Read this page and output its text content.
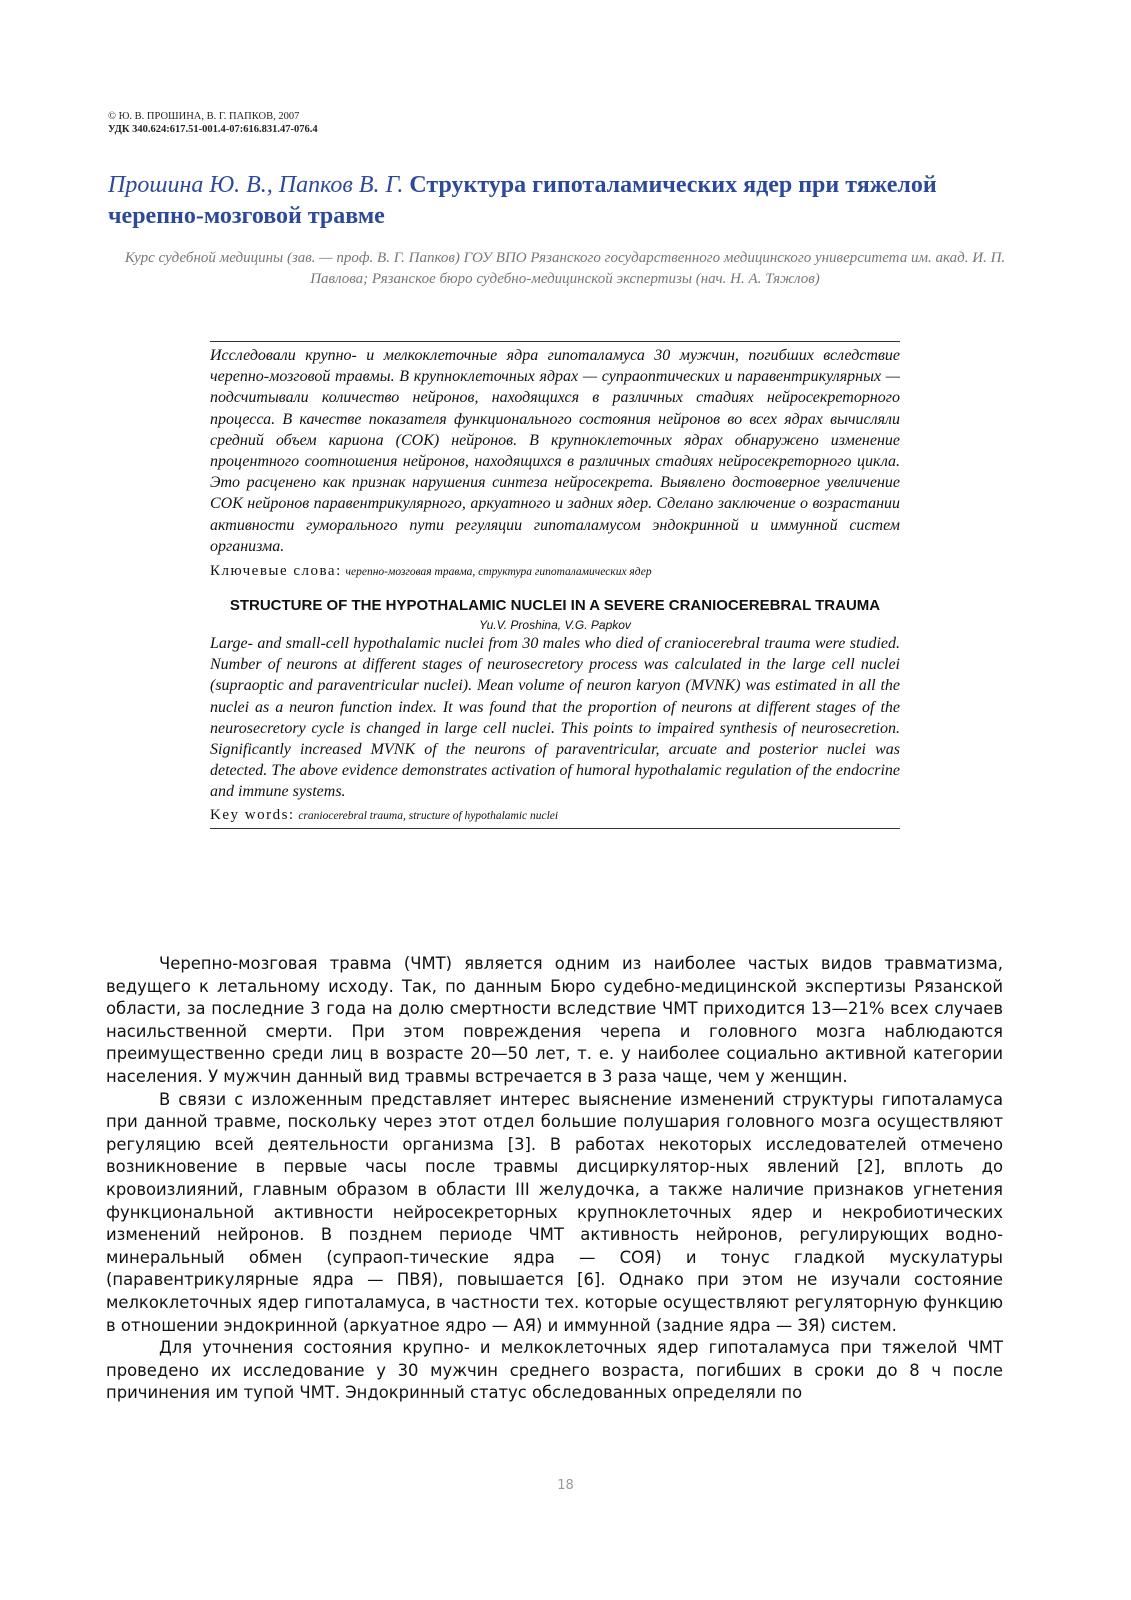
© Ю. В. ПРОШИНА, В. Г. ПАПКОВ, 2007
УДК 340.624:617.51-001.4-07:616.831.47-076.4
Прошина Ю. В., Папков В. Г. Структура гипоталамических ядер при тяжелой черепно-мозговой травме
Курс судебной медицины (зав. — проф. В. Г. Папков) ГОУ ВПО Рязанского государственного медицинского университета им. акад. И. П. Павлова; Рязанское бюро судебно-медицинской экспертизы (нач. Н. А. Тяжлов)

Исследовали крупно- и мелкоклеточные ядра гипоталамуса 30 мужчин, погибших вследствие черепно-мозговой травмы. В крупноклеточных ядрах — супраоптических и паравентрикулярных — подсчитывали количество нейронов, находящихся в различных стадиях нейросекреторного процесса. В качестве показателя функционального состояния нейронов во всех ядрах вычисляли средний объем кариона (СОК) нейронов. В крупноклеточных ядрах обнаружено изменение процентного соотношения нейронов, находящихся в различных стадиях нейросекреторного цикла. Это расценено как признак нарушения синтеза нейросекрета. Выявлено достоверное увеличение СОК нейронов паравентрикулярного, аркуатного и задних ядер. Сделано заключение о возрастании активности гуморального пути регуляции гипоталамусом эндокринной и иммунной систем организма.

Ключевые слова: черепно-мозговая травма, структура гипоталамических ядер
STRUCTURE OF THE HYPOTHALAMIC NUCLEI IN A SEVERE CRANIOCEREBRAL TRAUMA
Yu.V. Proshina, V.G. Papkov

Large- and small-cell hypothalamic nuclei from 30 males who died of craniocerebral trauma were studied. Number of neurons at different stages of neurosecretory process was calculated in the large cell nuclei (supraoptic and paraventricular nuclei). Mean volume of neuron karyon (MVNK) was estimated in all the nuclei as a neuron function index. It was found that the proportion of neurons at different stages of the neurosecretory cycle is changed in large cell nuclei. This points to impaired synthesis of neurosecretion. Significantly increased MVNK of the neurons of paraventricular, arcuate and posterior nuclei was detected. The above evidence demonstrates activation of humoral hypothalamic regulation of the endocrine and immune systems.

Key words: craniocerebral trauma, structure of hypothalamic nuclei

Черепно-мозговая травма (ЧМТ) является одним из наиболее частых видов травматизма, ведущего к летальному исходу. Так, по данным Бюро судебно-медицинской экспертизы Рязанской области, за последние 3 года на долю смертности вследствие ЧМТ приходится 13—21% всех случаев насильственной смерти. При этом повреждения черепа и головного мозга наблюдаются преимущественно среди лиц в возрасте 20—50 лет, т. е. у наиболее социально активной категории населения. У мужчин данный вид травмы встречается в 3 раза чаще, чем у женщин.

В связи с изложенным представляет интерес выяснение изменений структуры гипоталамуса при данной травме, поскольку через этот отдел большие полушария головного мозга осуществляют регуляцию всей деятельности организма [3]. В работах некоторых исследователей отмечено возникновение в первые часы после травмы дисциркулятор-ных явлений [2], вплоть до кровоизлияний, главным образом в области III желудочка, а также наличие признаков угнетения функциональной активности нейросекреторных крупноклеточных ядер и некробиотических изменений нейронов. В позднем периоде ЧМТ активность нейронов, регулирующих водно-минеральный обмен (супраоп-тические ядра — СОЯ) и тонус гладкой мускулатуры (паравентрикулярные ядра — ПВЯ), повышается [6]. Однако при этом не изучали состояние мелкоклеточных ядер гипоталамуса, в частности тех. которые осуществляют регуляторную функцию в отношении эндокринной (аркуатное ядро — АЯ) и иммунной (задние ядра — ЗЯ) систем.

Для уточнения состояния крупно- и мелкоклеточных ядер гипоталамуса при тяжелой ЧМТ проведено их исследование у 30 мужчин среднего возраста, погибших в сроки до 8 ч после причинения им тупой ЧМТ. Эндокринный статус обследованных определяли по

18
